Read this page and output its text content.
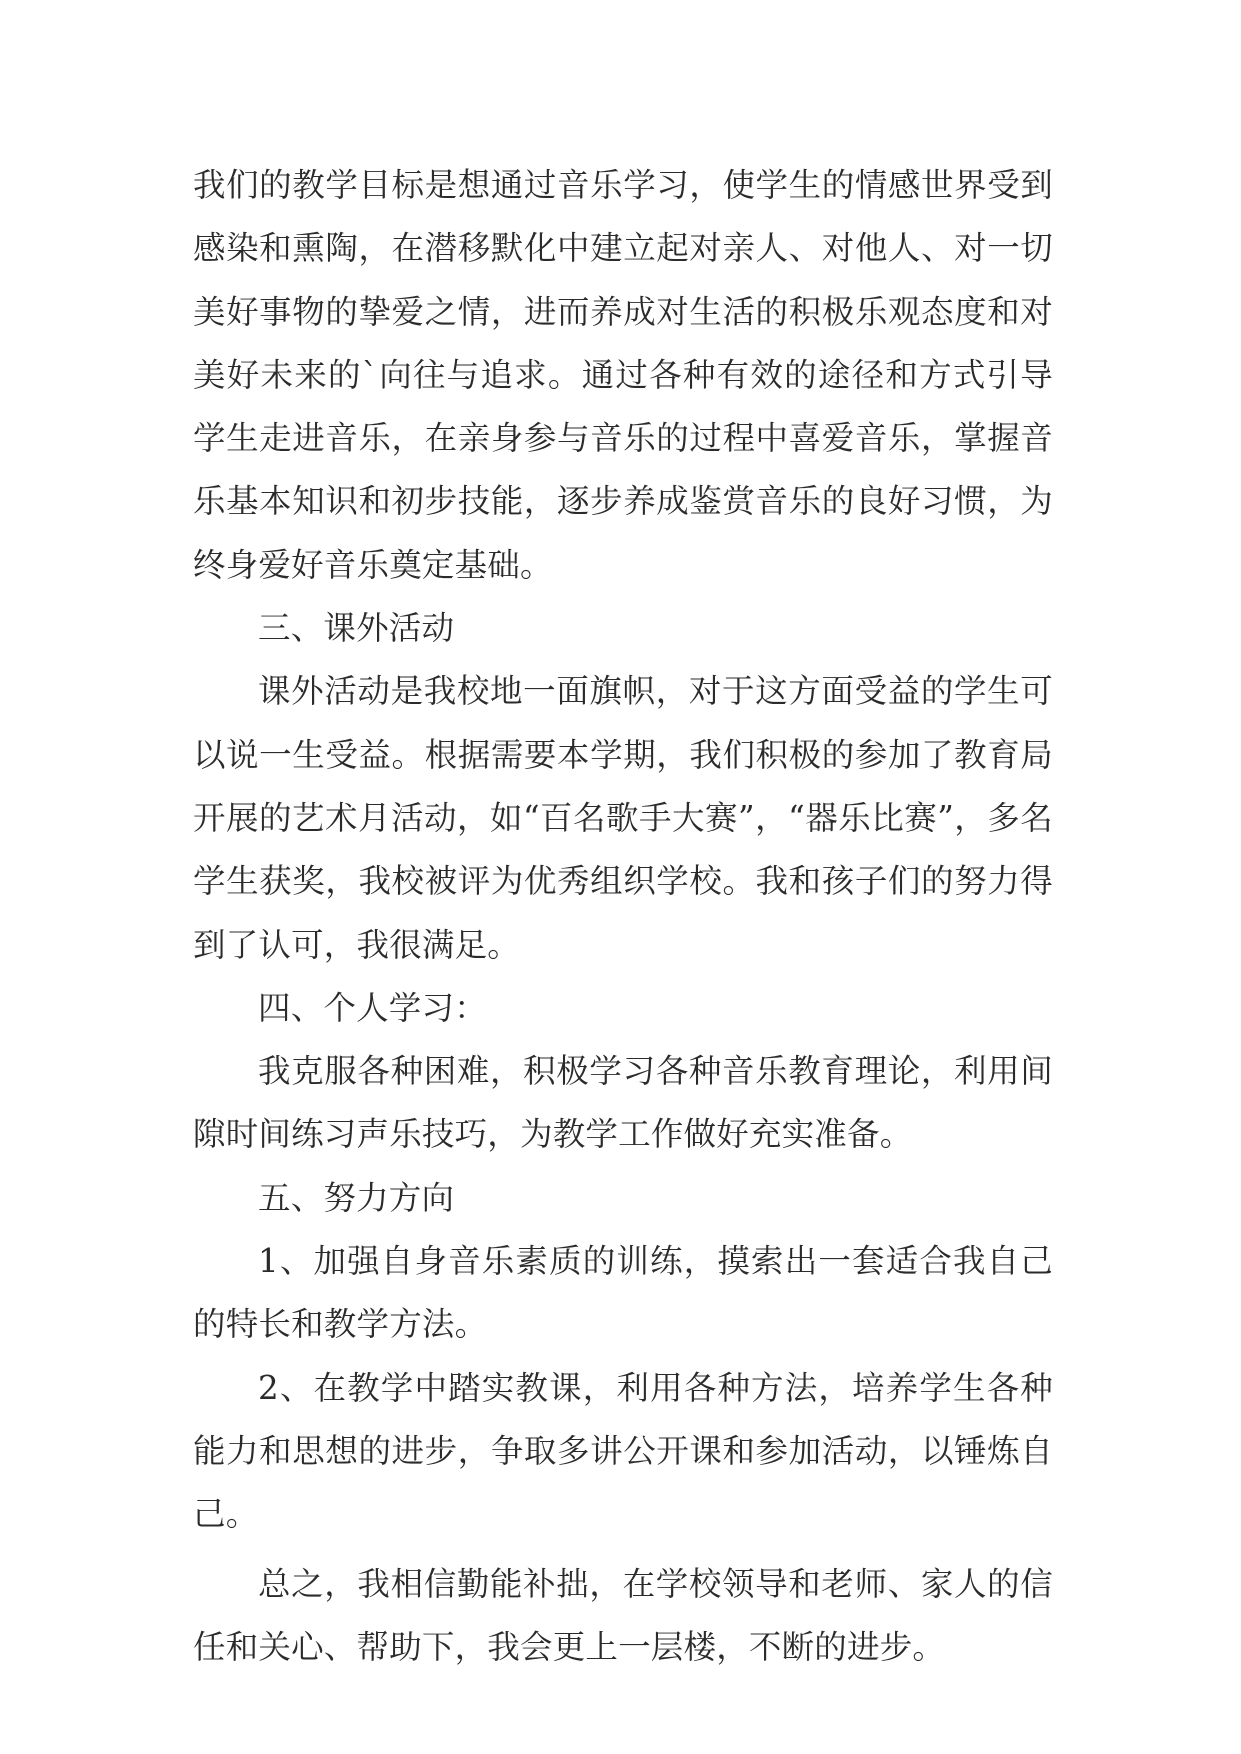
我们的教学目标是想通过音乐学习，使学生的情感世界受到感染和熏陶，在潜移默化中建立起对亲人、对他人、对一切美好事物的挚爱之情，进而养成对生活的积极乐观态度和对美好未来的`向往与追求。通过各种有效的途径和方式引导学生走进音乐，在亲身参与音乐的过程中喜爱音乐，掌握音乐基本知识和初步技能，逐步养成鉴赏音乐的良好习惯，为终身爱好音乐奠定基础。

三、课外活动

课外活动是我校地一面旗帜，对于这方面受益的学生可以说一生受益。根据需要本学期，我们积极的参加了教育局开展的艺术月活动，如“百名歌手大赛”，“器乐比赛”，多名学生获奖，我校被评为优秀组织学校。我和孩子们的努力得到了认可，我很满足。

四、个人学习：

我克服各种困难，积极学习各种音乐教育理论，利用间隙时间练习声乐技巧，为教学工作做好充实准备。

五、努力方向

1、加强自身音乐素质的训练，摸索出一套适合我自己的特长和教学方法。

2、在教学中踏实教课，利用各种方法，培养学生各种能力和思想的进步，争取多讲公开课和参加活动，以锤炼自己。

总之，我相信勤能补拙，在学校领导和老师、家人的信任和关心、帮助下，我会更上一层楼，不断的进步。
